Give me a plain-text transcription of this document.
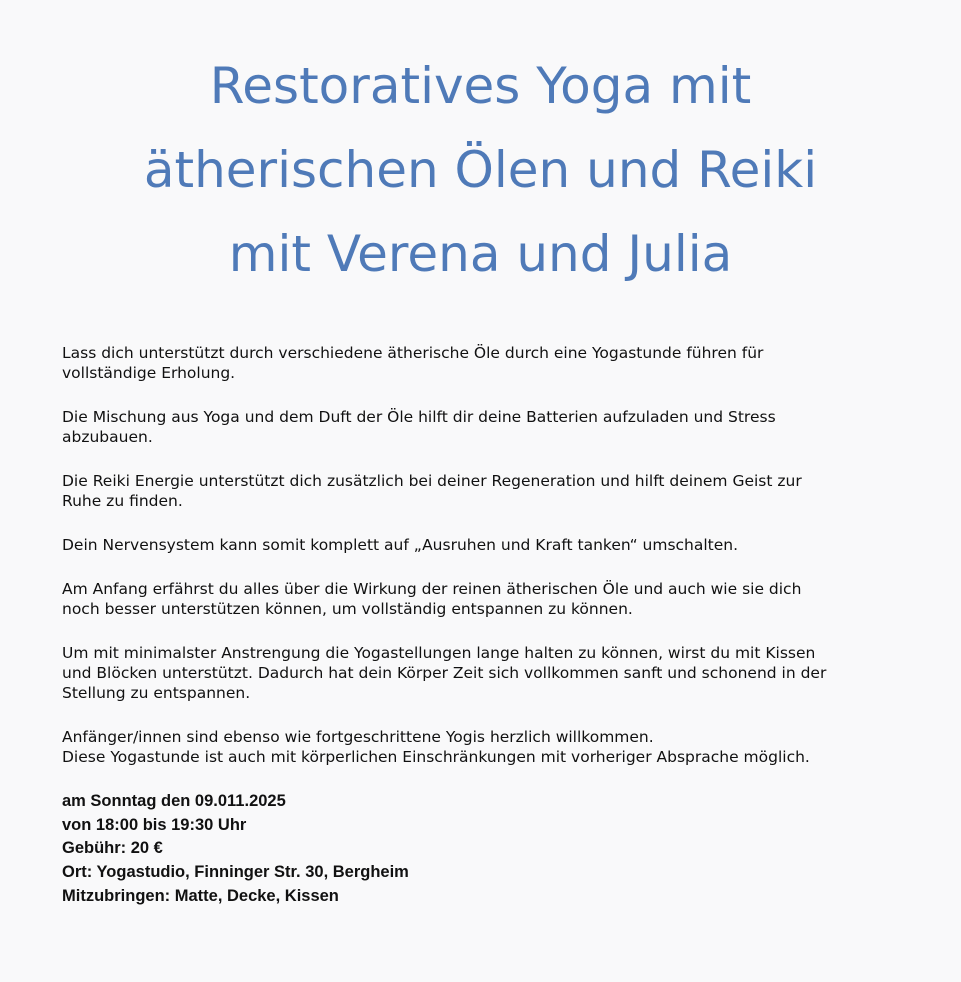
Restoratives Yoga mit
ätherischen Ölen und Reiki
mit Verena und Julia

Lass dich unterstützt durch verschiedene ätherische Öle durch eine Yogastunde führen für
vollständige Erholung.

Die Mischung aus Yoga und dem Duft der Öle hilft dir deine Batterien aufzuladen und Stress
abzubauen.

Die Reiki Energie unterstützt dich zusätzlich bei deiner Regeneration und hilft deinem Geist zur
Ruhe zu finden.

Dein Nervensystem kann somit komplett auf „Ausruhen und Kraft tanken“ umschalten.

Am Anfang erfährst du alles über die Wirkung der reinen ätherischen Öle und auch wie sie dich
noch besser unterstützen können, um vollständig entspannen zu können.

Um mit minimalster Anstrengung die Yogastellungen lange halten zu können, wirst du mit Kissen
und Blöcken unterstützt. Dadurch hat dein Körper Zeit sich vollkommen sanft und schonend in der
Stellung zu entspannen.

Anfänger/innen sind ebenso wie fortgeschrittene Yogis herzlich willkommen.
Diese Yogastunde ist auch mit körperlichen Einschränkungen mit vorheriger Absprache möglich.

am Sonntag den 09.011.2025
von 18:00 bis 19:30 Uhr
Gebühr: 20 €
Ort: Yogastudio, Finninger Str. 30, Bergheim
Mitzubringen: Matte, Decke, Kissen
